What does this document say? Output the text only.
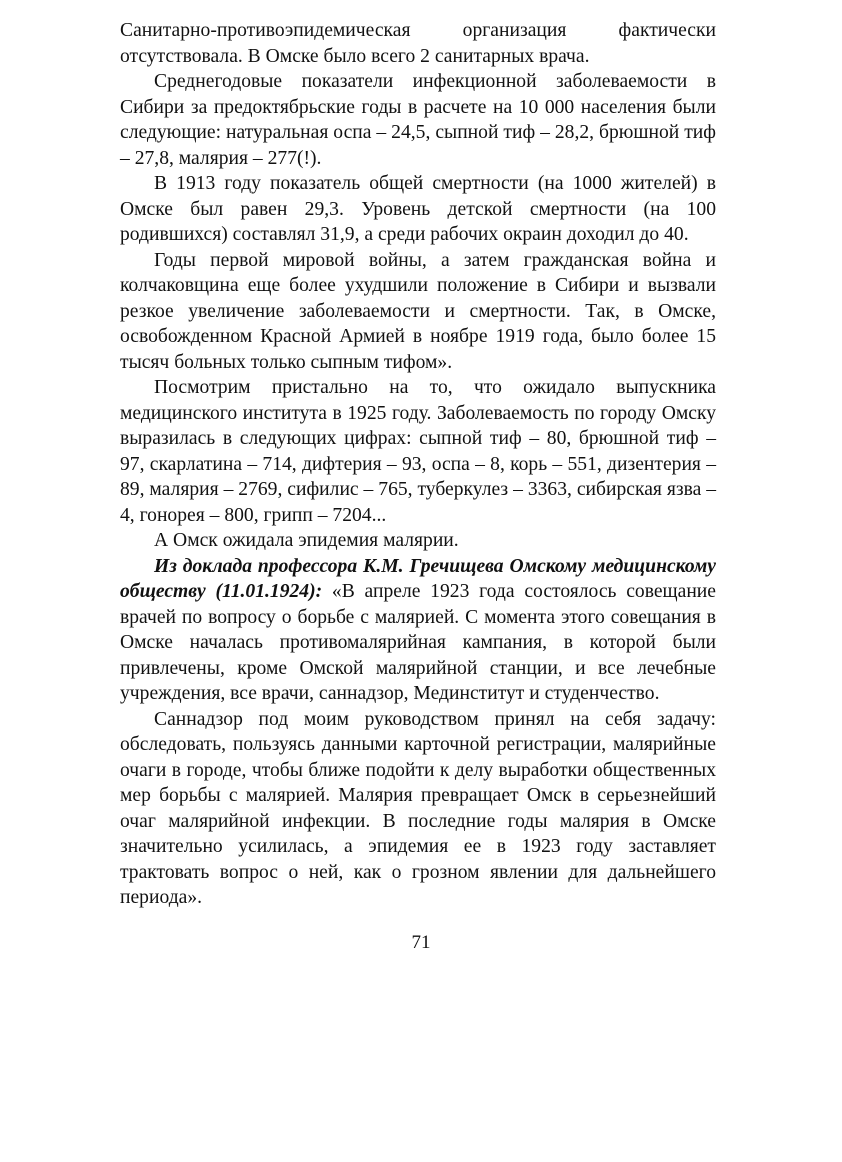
Санитарно-противоэпидемическая организация фактически отсутствовала. В Омске было всего 2 санитарных врача.

Среднегодовые показатели инфекционной заболеваемости в Сибири за предоктябрьские годы в расчете на 10 000 населения были следующие: натуральная оспа – 24,5, сыпной тиф – 28,2, брюшной тиф – 27,8, малярия – 277(!).

В 1913 году показатель общей смертности (на 1000 жителей) в Омске был равен 29,3. Уровень детской смертности (на 100 родившихся) составлял 31,9, а среди рабочих окраин доходил до 40.

Годы первой мировой войны, а затем гражданская война и колчаковщина еще более ухудшили положение в Сибири и вызвали резкое увеличение заболеваемости и смертности. Так, в Омске, освобожденном Красной Армией в ноябре 1919 года, было более 15 тысяч больных только сыпным тифом».

Посмотрим пристально на то, что ожидало выпускника медицинского института в 1925 году. Заболеваемость по городу Омску выразилась в следующих цифрах: сыпной тиф – 80, брюшной тиф – 97, скарлатина – 714, дифтерия – 93, оспа – 8, корь – 551, дизентерия – 89, малярия – 2769, сифилис – 765, туберкулез – 3363, сибирская язва – 4, гонорея – 800, грипп – 7204...

А Омск ожидала эпидемия малярии.

Из доклада профессора К.М. Гречищева Омскому медицинскому обществу (11.01.1924): «В апреле 1923 года состоялось совещание врачей по вопросу о борьбе с малярией. С момента этого совещания в Омске началась противомалярийная кампания, в которой были привлечены, кроме Омской малярийной станции, и все лечебные учреждения, все врачи, саннадзор, Мединститут и студенчество.

Саннадзор под моим руководством принял на себя задачу: обследовать, пользуясь данными карточной регистрации, малярийные очаги в городе, чтобы ближе подойти к делу выработки общественных мер борьбы с малярией. Малярия превращает Омск в серьезнейший очаг малярийной инфекции. В последние годы малярия в Омске значительно усилилась, а эпидемия ее в 1923 году заставляет трактовать вопрос о ней, как о грозном явлении для дальнейшего периода».

71
